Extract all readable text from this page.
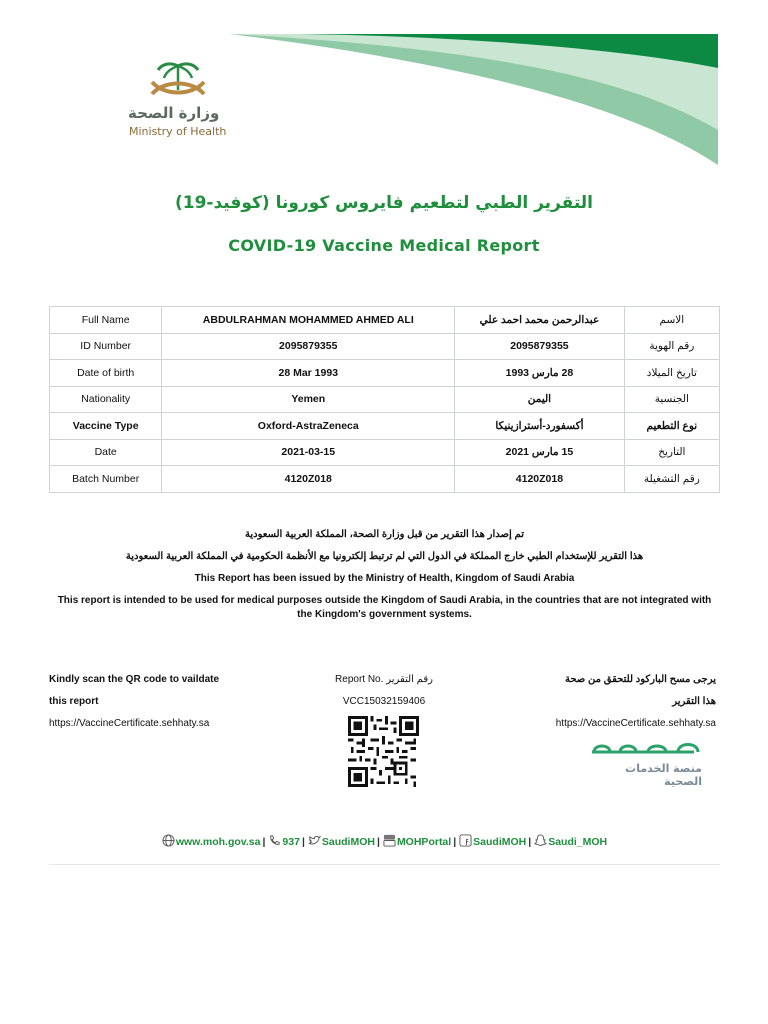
وزارة الصحة
Ministry of Health
التقرير الطبي لتطعيم فايروس كورونا (كوفيد-19)
COVID-19 Vaccine Medical Report
Full Name	ABDULRAHMAN MOHAMMED AHMED ALI	عبدالرحمن محمد احمد علي	الاسم
ID Number	2095879355	2095879355	رقم الهوية
Date of birth	28 Mar 1993	28 مارس 1993	تاريخ الميلاد
Nationality	Yemen	اليمن	الجنسية
Vaccine Type	Oxford-AstraZeneca	أكسفورد-أسترازينيكا	نوع التطعيم
Date	2021-03-15	15 مارس 2021	التاريخ
Batch Number	4120Z018	4120Z018	رقم التشغيلة

تم إصدار هذا التقرير من قبل وزارة الصحة، المملكة العربية السعودية

هذا التقرير للإستخدام الطبي خارج المملكة في الدول التي لم ترتبط إلكترونيا مع الأنظمة الحكومية في المملكة العربية السعودية

This Report has been issued by the Ministry of Health, Kingdom of Saudi Arabia

This report is intended to be used for medical purposes outside the Kingdom of Saudi Arabia, in the countries that are not integrated with the Kingdom's government systems.

Kindly scan the QR code to vaildate
this report
https://VaccineCertificate.sehhaty.sa
Report No. رقم التقرير
VCC15032159406
يرجى مسح الباركود للتحقق من صحة
هذا التقرير
https://VaccineCertificate.sehhaty.sa
منصة الخدمات الصحية
www.moh.gov.sa | 937 | SaudiMOH | MOHPortal | SaudiMOH | Saudi_MOH
